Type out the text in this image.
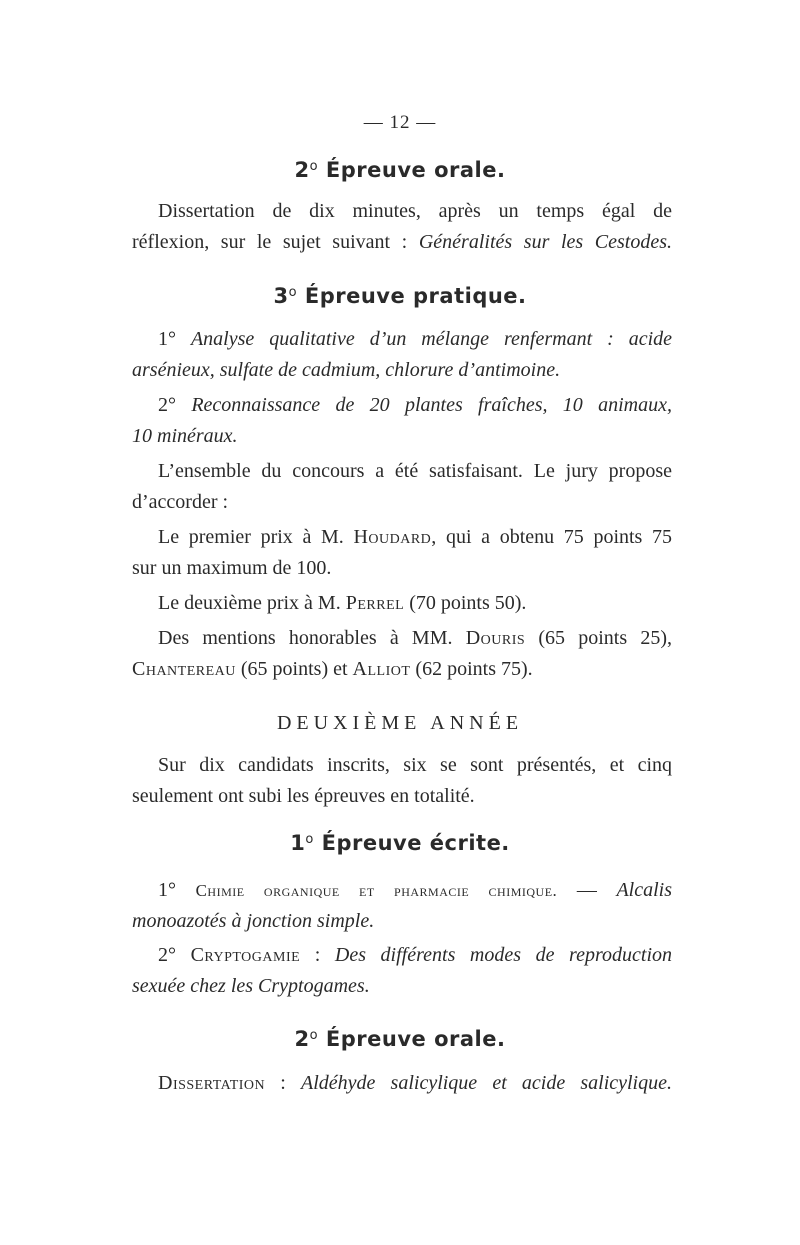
— 12 —
2$^o$ Épreuve orale.
Dissertation de dix minutes, après un temps égal de
réflexion, sur le sujet suivant : Généralités sur les Cestodes.
3$^o$ Épreuve pratique.
1° Analyse qualitative d’un mélange renfermant : acide
arsénieux, sulfate de cadmium, chlorure d’antimoine.
2° Reconnaissance de 20 plantes fraîches, 10 animaux,
10 minéraux.
L’ensemble du concours a été satisfaisant. Le jury propose
d’accorder :
Le premier prix à M. Houdard, qui a obtenu 75 points 75
sur un maximum de 100.
Le deuxième prix à M. Perrel (70 points 50).
Des mentions honorables à MM. Douris (65 points 25),
Chantereau (65 points) et Alliot (62 points 75).
DEUXIÈME ANNÉE
Sur dix candidats inscrits, six se sont présentés, et cinq
seulement ont subi les épreuves en totalité.
1$^o$ Épreuve écrite.
1° Chimie organique et pharmacie chimique. — Alcalis
monoazotés à jonction simple.
2° Cryptogamie : Des différents modes de reproduction
sexuée chez les Cryptogames.
2$^o$ Épreuve orale.
Dissertation : Aldéhyde salicylique et acide salicylique.
